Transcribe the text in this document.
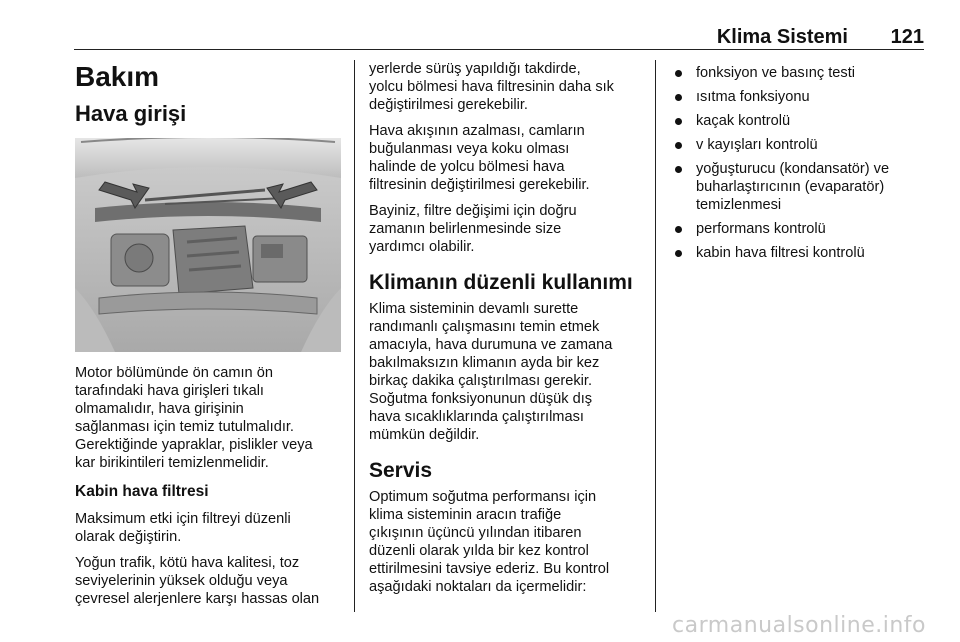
Klima Sistemi 121
Bakım
Hava girişi

Motor bölümünde ön camın ön
tarafındaki hava girişleri tıkalı
olmamalıdır, hava girişinin
sağlanması için temiz tutulmalıdır.
Gerektiğinde yapraklar, pislikler veya
kar birikintileri temizlenmelidir.

Kabin hava filtresi

Maksimum etki için filtreyi düzenli
olarak değiştirin.

Yoğun trafik, kötü hava kalitesi, toz
seviyelerinin yüksek olduğu veya
çevresel alerjenlere karşı hassas olan

yerlerde sürüş yapıldığı takdirde,
yolcu bölmesi hava filtresinin daha sık
değiştirilmesi gerekebilir.

Hava akışının azalması, camların
buğulanması veya koku olması
halinde de yolcu bölmesi hava
filtresinin değiştirilmesi gerekebilir.

Bayiniz, filtre değişimi için doğru
zamanın belirlenmesinde size
yardımcı olabilir.

Klimanın düzenli kullanımı

Klima sisteminin devamlı surette
randımanlı çalışmasını temin etmek
amacıyla, hava durumuna ve zamana
bakılmaksızın klimanın ayda bir kez
birkaç dakika çalıştırılması gerekir.
Soğutma fonksiyonunun düşük dış
hava sıcaklıklarında çalıştırılması
mümkün değildir.

Servis

Optimum soğutma performansı için
klima sisteminin aracın trafiğe
çıkışının üçüncü yılından itibaren
düzenli olarak yılda bir kez kontrol
ettirilmesini tavsiye ederiz. Bu kontrol
aşağıdaki noktaları da içermelidir:

fonksiyon ve basınç testi
ısıtma fonksiyonu
kaçak kontrolü
v kayışları kontrolü
yoğuşturucu (kondansatör) ve
buharlaştırıcının (evaparatör)
temizlenmesi
performans kontrolü
kabin hava filtresi kontrolü
carmanualsonline.info
